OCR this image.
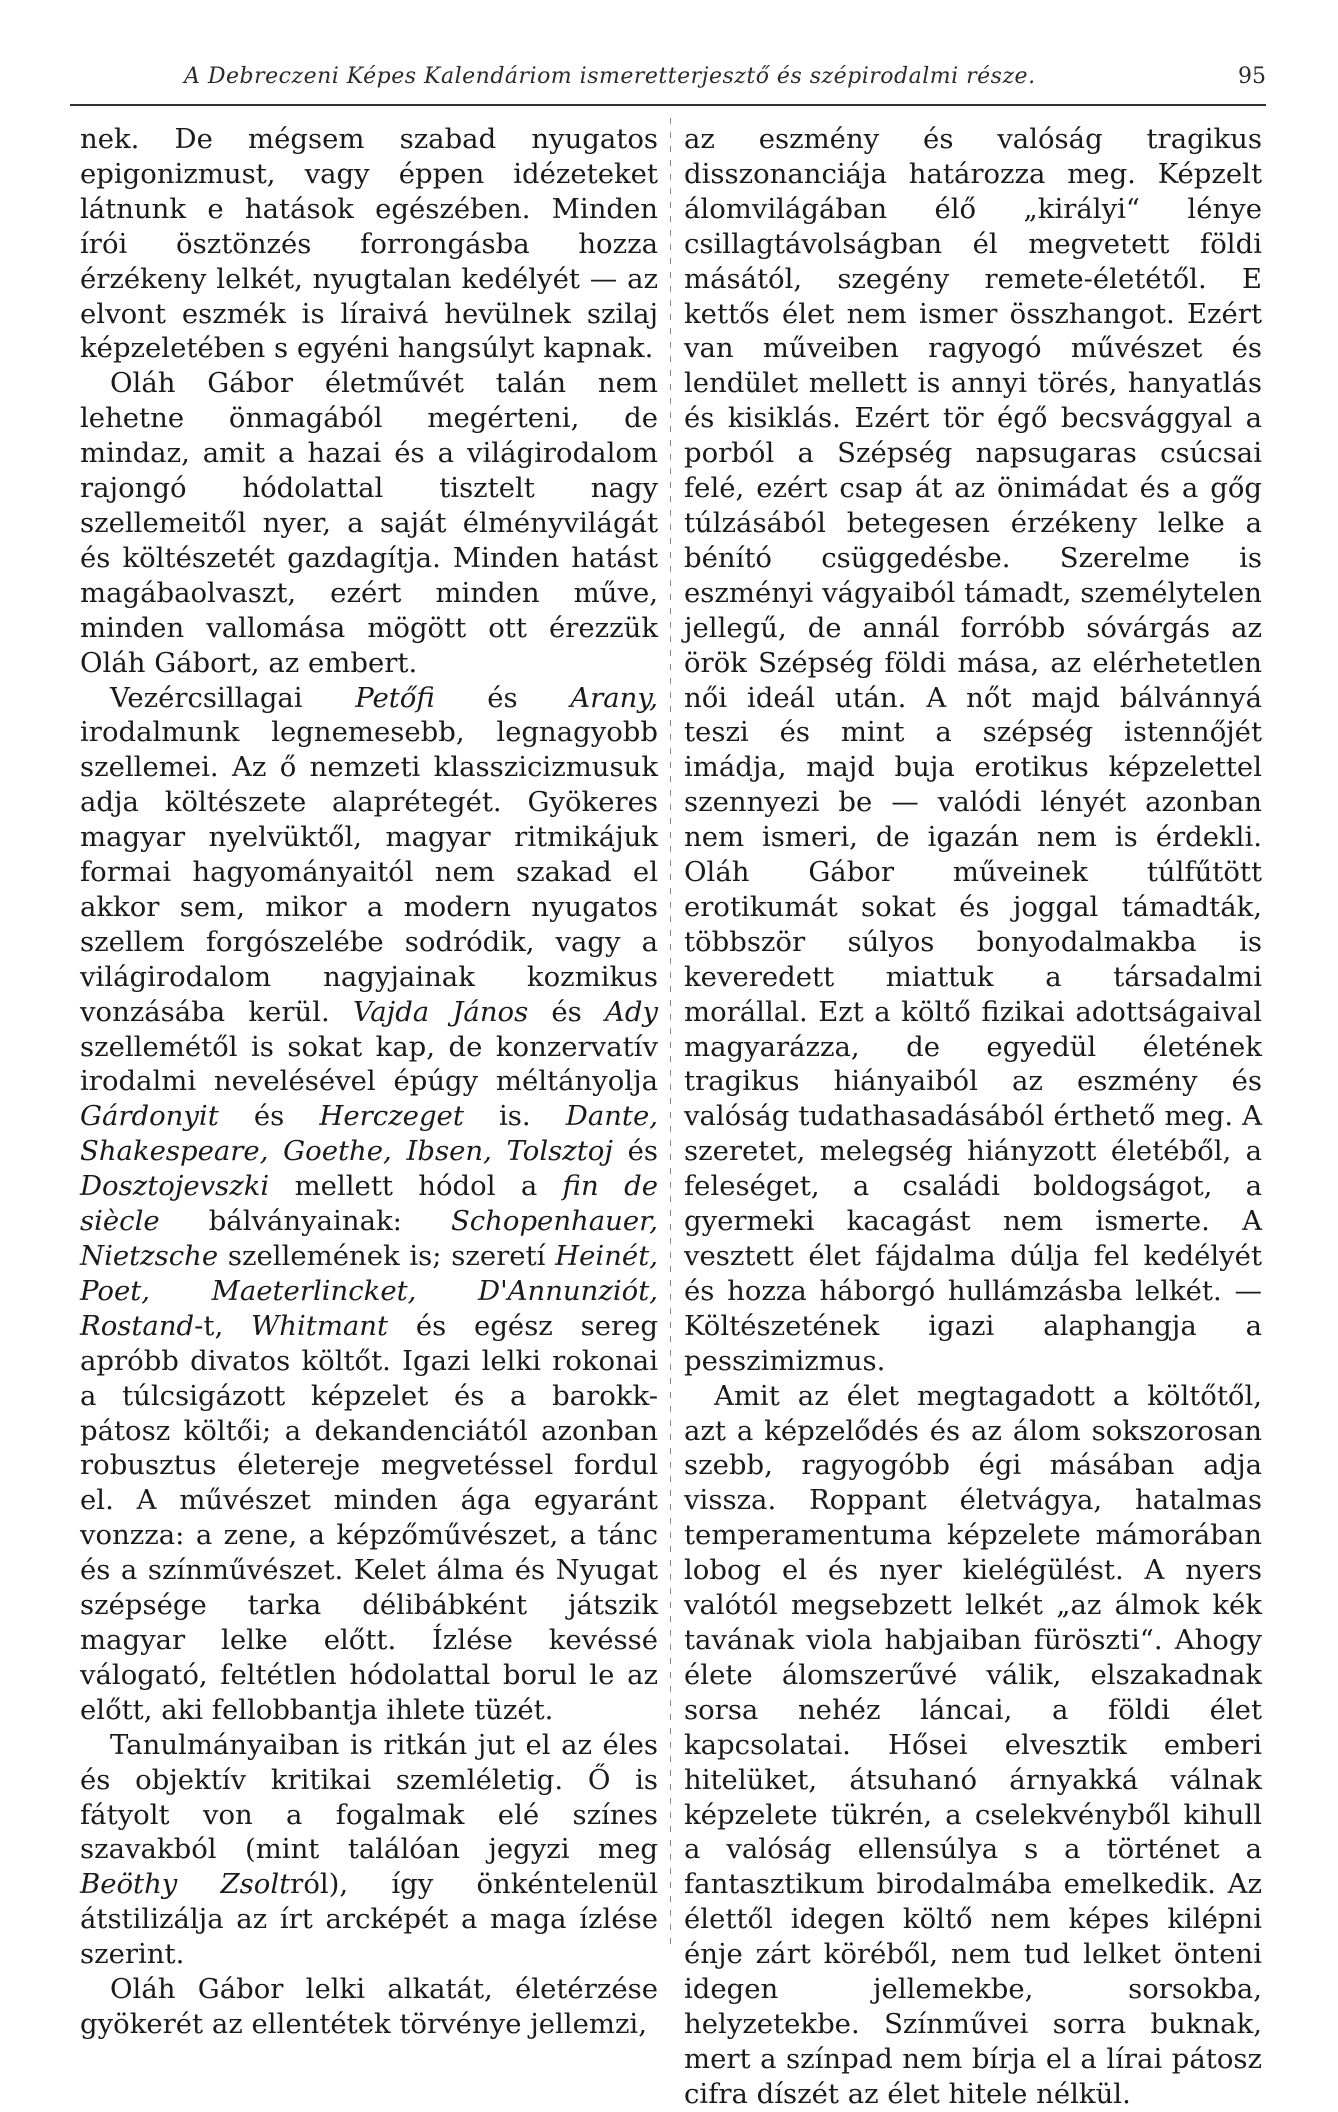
A Debreczeni Képes Kalendáriom ismeretterjesztő és szépirodalmi része.	95

nek. De mégsem szabad nyugatos epigonizmust, vagy éppen idézeteket látnunk e hatások egészében. Minden írói ösztönzés forrongásba hozza érzékeny lelkét, nyugtalan kedélyét — az elvont eszmék is líraivá hevülnek szilaj képzeletében s egyéni hangsúlyt kapnak.

Oláh Gábor életművét talán nem lehetne önmagából megérteni, de mindaz, amit a hazai és a világirodalom rajongó hódolattal tisztelt nagy szellemeitől nyer, a saját élményvilágát és költészetét gazdagítja. Minden hatást magábaolvaszt, ezért minden műve, minden vallomása mögött ott érezzük Oláh Gábort, az embert.

Vezércsillagai Petőfi és Arany, irodalmunk legnemesebb, legnagyobb szellemei. Az ő nemzeti klasszicizmusuk adja költészete alaprétegét. Gyökeres magyar nyelvüktől, magyar ritmikájuk formai hagyományaitól nem szakad el akkor sem, mikor a modern nyugatos szellem forgószelébe sodródik, vagy a világirodalom nagyjainak kozmikus vonzásába kerül. Vajda János és Ady szellemétől is sokat kap, de konzervatív irodalmi nevelésével épúgy méltányolja Gárdonyit és Herczeget is. Dante, Shakespeare, Goethe, Ibsen, Tolsztoj és Dosztojevszki mellett hódol a fin de siècle bálványainak: Schopenhauer, Nietzsche szellemének is; szeretí Heinét, Poet, Maeterlincket, D'Annunziót, Rostand-t, Whitmant és egész sereg apróbb divatos költőt. Igazi lelki rokonai a túlcsigázott képzelet és a barokk-pátosz költői; a dekandenciától azonban robusztus életereje megvetéssel fordul el. A művészet minden ága egyaránt vonzza: a zene, a képzőművészet, a tánc és a színművészet. Kelet álma és Nyugat szépsége tarka délibábként játszik magyar lelke előtt. Ízlése kevéssé válogató, feltétlen hódolattal borul le az előtt, aki fellobbantja ihlete tüzét.

Tanulmányaiban is ritkán jut el az éles és objektív kritikai szemléletig. Ő is fátyolt von a fogalmak elé színes szavakból (mint találóan jegyzi meg Beöthy Zsoltról), így önkéntelenül átstilizálja az írt arcképét a maga ízlése szerint.

Oláh Gábor lelki alkatát, életérzése gyökerét az ellentétek törvénye jellemzi,

az eszmény és valóság tragikus disszonanciája határozza meg. Képzelt álomvilágában élő „királyi“ lénye csillagtávolságban él megvetett földi másától, szegény remete-életétől. E kettős élet nem ismer összhangot. Ezért van műveiben ragyogó művészet és lendület mellett is annyi törés, hanyatlás és kisiklás. Ezért tör égő becsvággyal a porból a Szépség napsugaras csúcsai felé, ezért csap át az önimádat és a gőg túlzásából betegesen érzékeny lelke a bénító csüggedésbe. Szerelme is eszményi vágyaiból támadt, személytelen jellegű, de annál forróbb sóvárgás az örök Szépség földi mása, az elérhetetlen női ideál után. A nőt majd bálvánnyá teszi és mint a szépség istennőjét imádja, majd buja erotikus képzelettel szennyezi be — valódi lényét azonban nem ismeri, de igazán nem is érdekli. Oláh Gábor műveinek túlfűtött erotikumát sokat és joggal támadták, többször súlyos bonyodalmakba is keveredett miattuk a társadalmi morállal. Ezt a költő fizikai adottságaival magyarázza, de egyedül életének tragikus hiányaiból az eszmény és valóság tudathasadásából érthető meg. A szeretet, melegség hiányzott életéből, a feleséget, a családi boldogságot, a gyermeki kacagást nem ismerte. A vesztett élet fájdalma dúlja fel kedélyét és hozza háborgó hullámzásba lelkét. — Költészetének igazi alaphangja a pesszimizmus.

Amit az élet megtagadott a költőtől, azt a képzelődés és az álom sokszorosan szebb, ragyogóbb égi másában adja vissza. Roppant életvágya, hatalmas temperamentuma képzelete mámorában lobog el és nyer kielégülést. A nyers valótól megsebzett lelkét „az álmok kék tavának viola habjaiban füröszti“. Ahogy élete álomszerűvé válik, elszakadnak sorsa nehéz láncai, a földi élet kapcsolatai. Hősei elvesztik emberi hitelüket, átsuhanó árnyakká válnak képzelete tükrén, a cselekvényből kihull a valóság ellensúlya s a történet a fantasztikum birodalmába emelkedik. Az élettől idegen költő nem képes kilépni énje zárt köréből, nem tud lelket önteni idegen jellemekbe, sorsokba, helyzetekbe. Színművei sorra buknak, mert a színpad nem bírja el a lírai pátosz cifra díszét az élet hitele nélkül.
